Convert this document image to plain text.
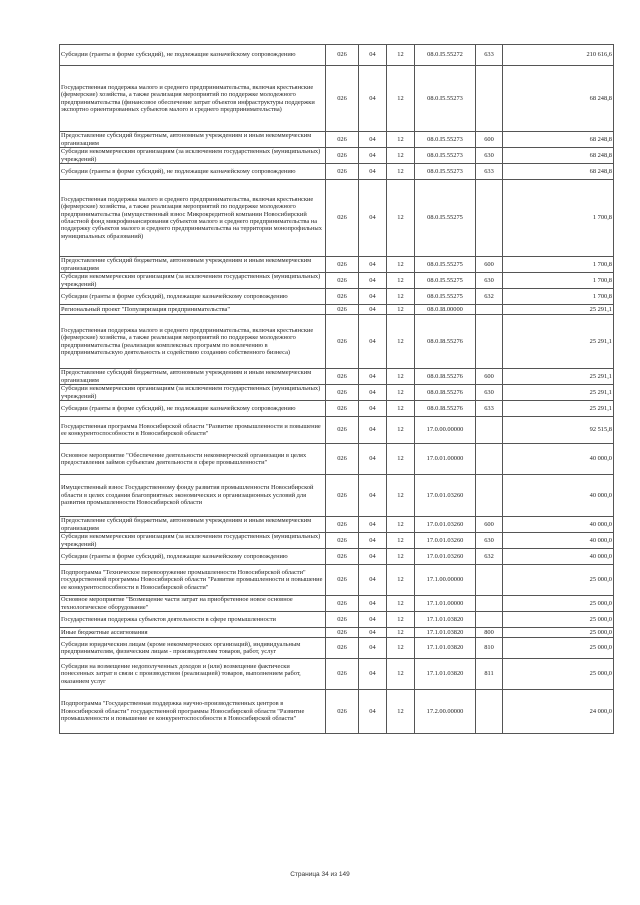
Субсидии (гранты в форме субсидий), не подлежащие казначейскому сопровождению	026	04	12	08.0.I5.55272	633	210 616,6
Государственная поддержка малого и среднего предпринимательства, включая крестьянские (фермерские) хозяйства, а также реализация мероприятий по поддержке молодежного предпринимательства (финансовое обеспечение затрат объектов инфраструктуры поддержки экспортно ориентированных субъектов малого и среднего предпринимательства)	026	04	12	08.0.I5.55273		68 248,8
Предоставление субсидий бюджетным, автономным учреждениям и иным некоммерческим организациям	026	04	12	08.0.I5.55273	600	68 248,8
Субсидии некоммерческим организациям (за исключением государственных (муниципальных) учреждений)	026	04	12	08.0.I5.55273	630	68 248,8
Субсидии (гранты в форме субсидий), не подлежащие казначейскому сопровождению	026	04	12	08.0.I5.55273	633	68 248,8
Государственная поддержка малого и среднего предпринимательства, включая крестьянские (фермерские) хозяйства, а также реализация мероприятий по поддержке молодежного предпринимательства (имущественный взнос Микрокредитной компании Новосибирский областной фонд микрофинансирования субъектов малого и среднего предпринимательства на поддержку субъектов малого и среднего предпринимательства на территории монопрофильных муниципальных образований)	026	04	12	08.0.I5.55275		1 700,8
Предоставление субсидий бюджетным, автономным учреждениям и иным некоммерческим организациям	026	04	12	08.0.I5.55275	600	1 700,8
Субсидии некоммерческим организациям (за исключением государственных (муниципальных) учреждений)	026	04	12	08.0.I5.55275	630	1 700,8
Субсидии (гранты в форме субсидий), подлежащие казначейскому сопровождению	026	04	12	08.0.I5.55275	632	1 700,8
Региональный проект "Популяризация предпринимательства"	026	04	12	08.0.I8.00000		25 291,1
Государственная поддержка малого и среднего предпринимательства, включая крестьянские (фермерские) хозяйства, а также реализация мероприятий по поддержке молодежного предпринимательства (реализация комплексных программ по вовлечению в предпринимательскую деятельность и содействию созданию собственного бизнеса)	026	04	12	08.0.I8.55276		25 291,1
Предоставление субсидий бюджетным, автономным учреждениям и иным некоммерческим организациям	026	04	12	08.0.I8.55276	600	25 291,1
Субсидии некоммерческим организациям (за исключением государственных (муниципальных) учреждений)	026	04	12	08.0.I8.55276	630	25 291,1
Субсидии (гранты в форме субсидий), не подлежащие казначейскому сопровождению	026	04	12	08.0.I8.55276	633	25 291,1
Государственная программа Новосибирской области "Развитие промышленности и повышение ее конкурентоспособности в Новосибирской области"	026	04	12	17.0.00.00000		92 515,8
Основное мероприятие "Обеспечение деятельности некоммерческой организации в целях предоставления займов субъектам деятельности в сфере промышленности"	026	04	12	17.0.01.00000		40 000,0
Имущественный взнос Государственному фонду развития промышленности Новосибирской области в целях создания благоприятных экономических и организационных условий для развития промышленности Новосибирской области	026	04	12	17.0.01.03260		40 000,0
Предоставление субсидий бюджетным, автономным учреждениям и иным некоммерческим организациям	026	04	12	17.0.01.03260	600	40 000,0
Субсидии некоммерческим организациям (за исключением государственных (муниципальных) учреждений)	026	04	12	17.0.01.03260	630	40 000,0
Субсидии (гранты в форме субсидий), подлежащие казначейскому сопровождению	026	04	12	17.0.01.03260	632	40 000,0
Подпрограмма "Техническое перевооружение промышленности Новосибирской области" государственной программы Новосибирской области "Развитие промышленности и повышение ее конкурентоспособности в Новосибирской области"	026	04	12	17.1.00.00000		25 000,0
Основное мероприятие "Возмещение части затрат на приобретенное новое основное технологическое оборудование"	026	04	12	17.1.01.00000		25 000,0
Государственная поддержка субъектов деятельности в сфере промышленности	026	04	12	17.1.01.03820		25 000,0
Иные бюджетные ассигнования	026	04	12	17.1.01.03820	800	25 000,0
Субсидии юридическим лицам (кроме некоммерческих организаций), индивидуальным предпринимателям, физическим лицам - производителям товаров, работ, услуг	026	04	12	17.1.01.03820	810	25 000,0
Субсидии на возмещение недополученных доходов и (или) возмещение фактически понесенных затрат в связи с производством (реализацией) товаров, выполнением работ, оказанием услуг	026	04	12	17.1.01.03820	811	25 000,0
Подпрограмма "Государственная поддержка научно-производственных центров в Новосибирской области" государственной программы Новосибирской области "Развитие промышленности и повышение ее конкурентоспособности в Новосибирской области"	026	04	12	17.2.00.00000		24 000,0
Страница 34 из 149
